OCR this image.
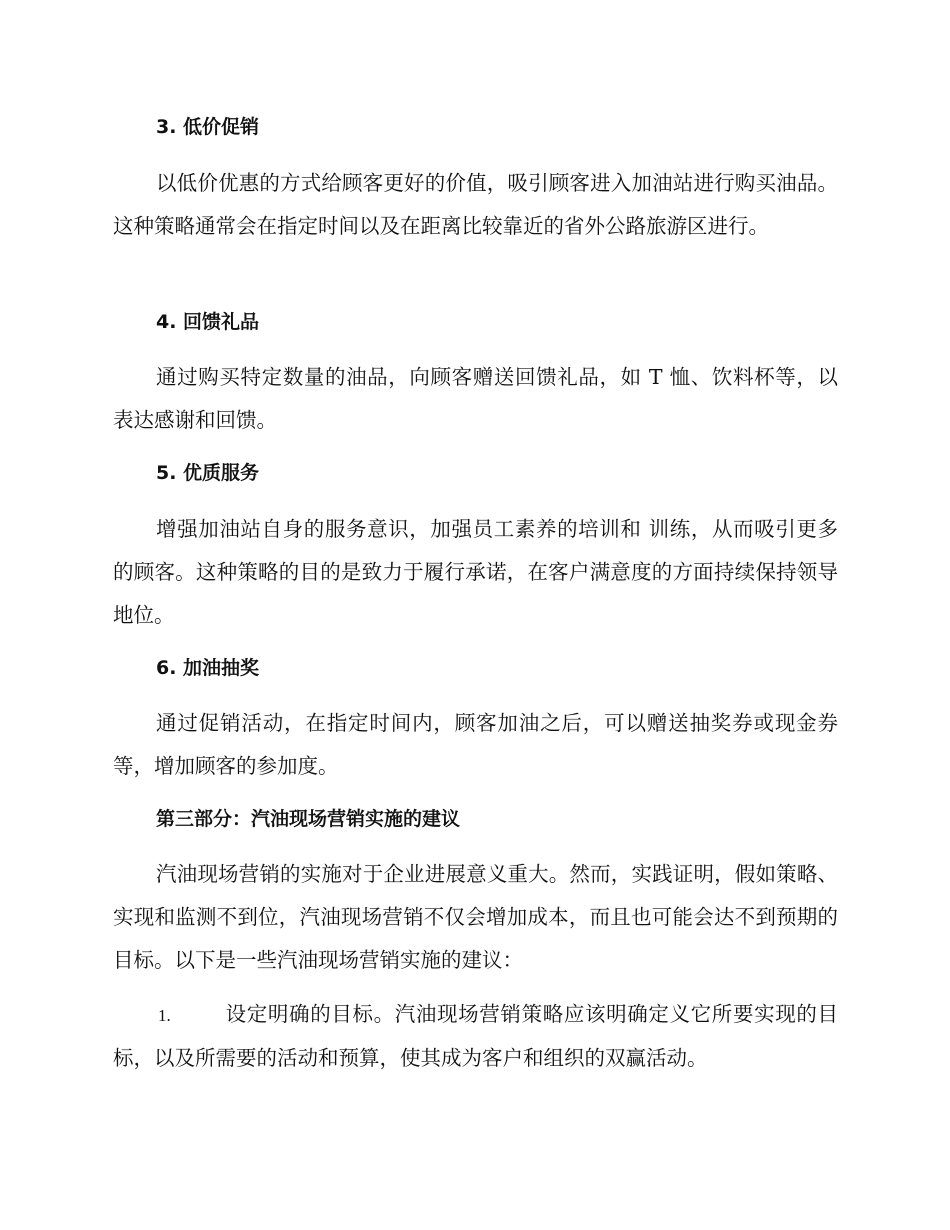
3. 低价促销
以低价优惠的方式给顾客更好的价值，吸引顾客进入加油站进行购买油品。这种策略通常会在指定时间以及在距离比较靠近的省外公路旅游区进行。
4. 回馈礼品
通过购买特定数量的油品，向顾客赠送回馈礼品，如 T 恤、饮料杯等，以表达感谢和回馈。
5. 优质服务
增强加油站自身的服务意识，加强员工素养的培训和 训练，从而吸引更多的顾客。这种策略的目的是致力于履行承诺，在客户满意度的方面持续保持领导地位。
6. 加油抽奖
通过促销活动，在指定时间内，顾客加油之后，可以赠送抽奖券或现金券等，增加顾客的参加度。
第三部分：汽油现场营销实施的建议
汽油现场营销的实施对于企业进展意义重大。然而，实践证明，假如策略、实现和监测不到位，汽油现场营销不仅会增加成本，而且也可能会达不到预期的目标。以下是一些汽油现场营销实施的建议：
1.	设定明确的目标。汽油现场营销策略应该明确定义它所要实现的目标，以及所需要的活动和预算，使其成为客户和组织的双赢活动。
